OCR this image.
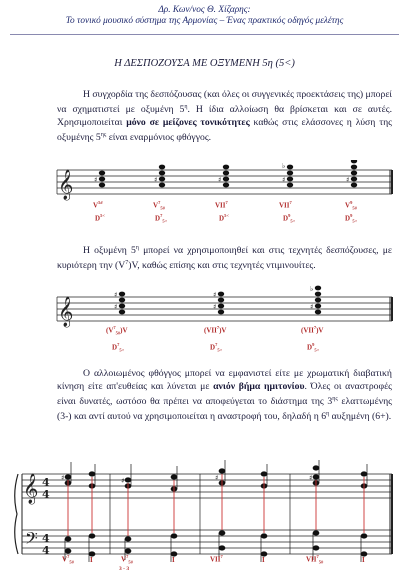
Δρ. Κων/νος Θ. Χίζαρης:
Το τονικό μουσικό σύστημα της Αρμονίας – Ένας πρακτικός οδηγός μελέτης
Η ΔΕΣΠΟΖΟΥΣΑ ΜΕ ΟΞΥΜΕΝΗ 5η (5<)
Η συγχορδία της δεσπόζουσας (και όλες οι συγγενικές προεκτάσεις της) μπορεί να σχηματιστεί με οξυμένη $5^\eta$. Η ίδια αλλοίωση θα βρίσκεται και σε αυτές. Χρησιμοποιείται μόνο σε μείζονες τονικότητες καθώς στις ελάσσονες η λύση της οξυμένης $5^{\eta\varsigma}$ είναι εναρμόνιος φθόγγος.
𝄞	♯	♯	♯	♯
♭
♯
$V^{5\#}$
$D^{5<}$
$V^7_{5\#}$
$D^7_{5<}$
VII$^7$
$D^{5<}$
VII$^7$
$D^9_{5<}$
$V^9_{5\#}$
$D^9_{5<}$
Η οξυμένη $5^\eta$ μπορεί να χρησιμοποιηθεί και στις τεχνητές δεσπόζουσες, με κυριότερη την $(V^7)V$, καθώς επίσης και στις τεχνητές ντιμινουίτες.
𝄞	♯
♯
♯
♯
♯
♭
$(V^7_{5\#})V$
$D^7_{5<}$
(VII$^7$)V
$D^7_{5<}$
(VII$^7$)V
$D^9_{5<}$
Ο αλλοιωμένος φθόγγος μπορεί να εμφανιστεί είτε με χρωματική διαβατική κίνηση είτε απ'ευθείας και λύνεται με ανιόν βήμα ημιτονίου. Όλες οι αναστροφές είναι δυνατές, ωστόσο θα πρέπει να αποφεύγεται το διάστημα της $3^{\eta\varsigma}$ ελαττωμένης (3-) και αντί αυτού να χρησιμοποιείται η αναστροφή του, δηλαδή η $6^\eta$ αυξημένη (6+).
𝄞
𝄢
4
4
4
4
♯	♯	♯	♯
$V^7_{5\#}$ I	$V^7_{5\#}$	I	VII$^7$	I	$VII^7_{5\#}$	I
3 - 3
